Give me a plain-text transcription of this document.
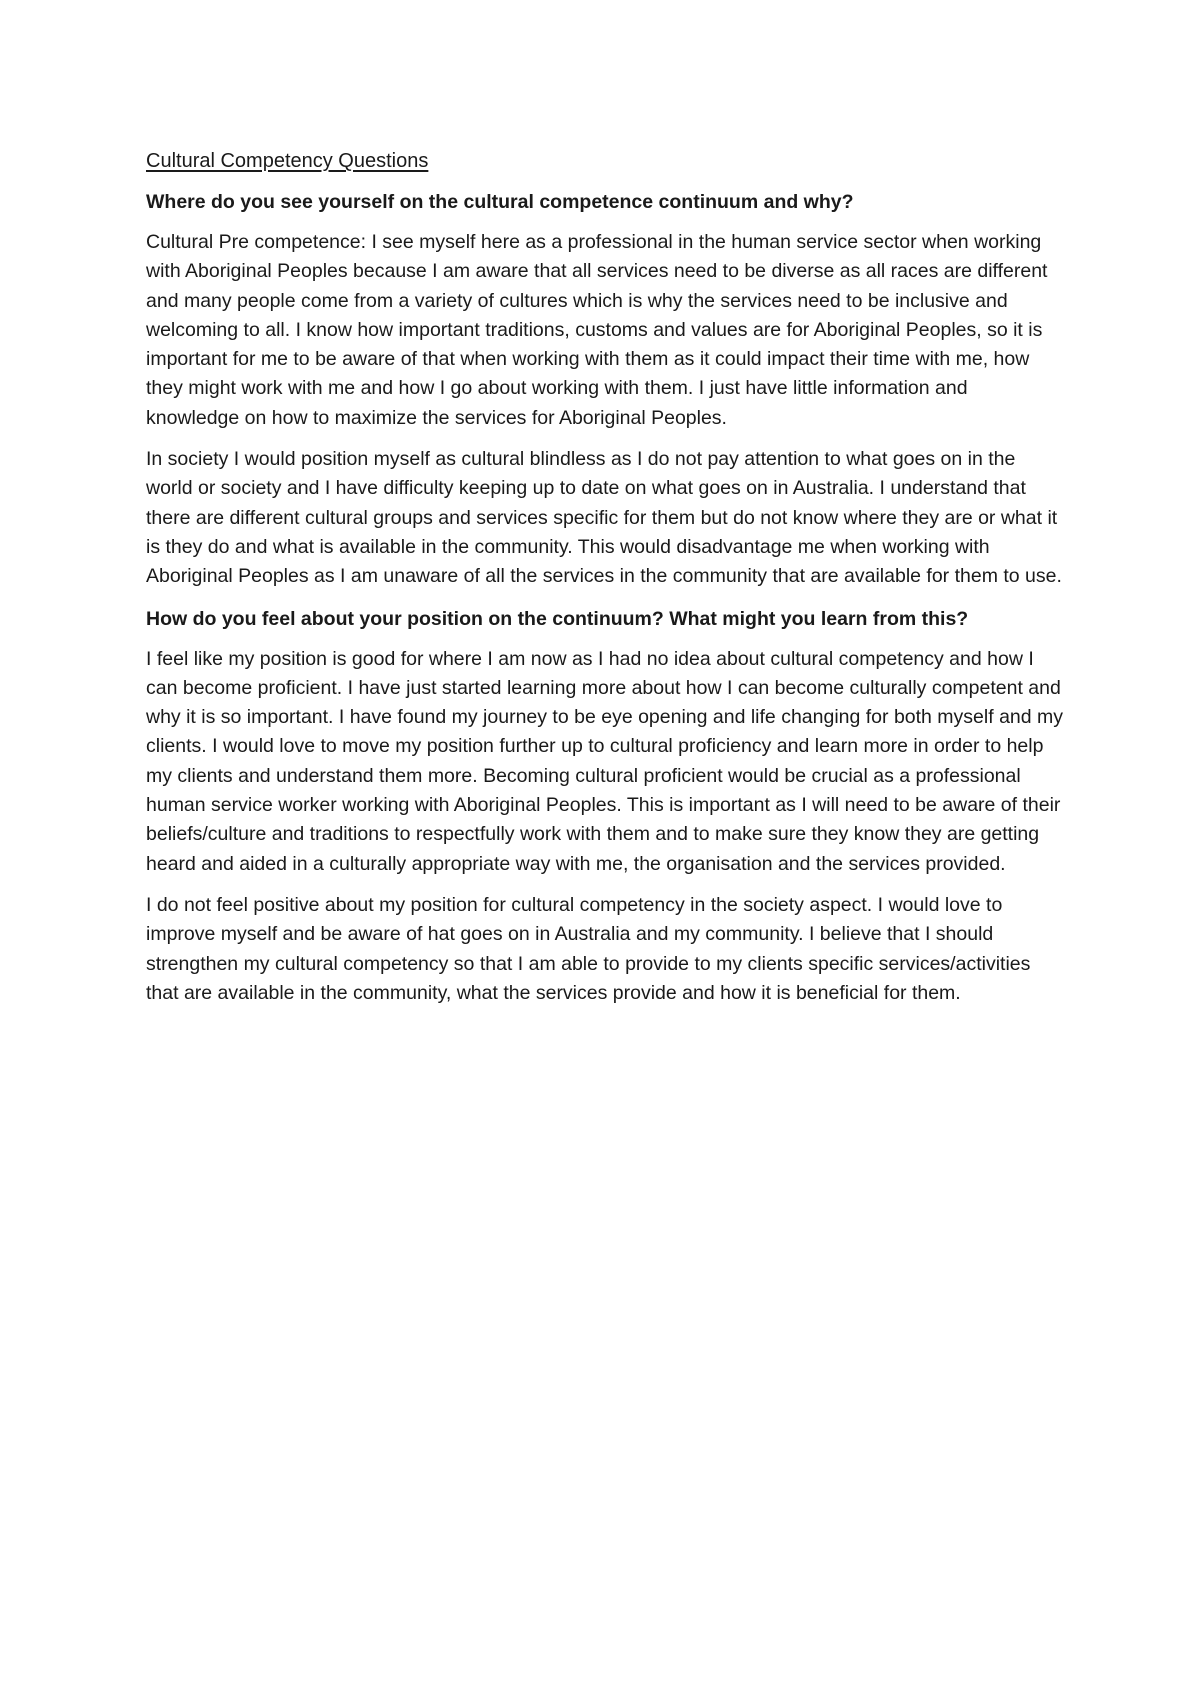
Cultural Competency Questions
Where do you see yourself on the cultural competence continuum and why?

Cultural Pre competence: I see myself here as a professional in the human service sector when working with Aboriginal Peoples because I am aware that all services need to be diverse as all races are different and many people come from a variety of cultures which is why the services need to be inclusive and welcoming to all. I know how important traditions, customs and values are for Aboriginal Peoples, so it is important for me to be aware of that when working with them as it could impact their time with me, how they might work with me and how I go about working with them. I just have little information and knowledge on how to maximize the services for Aboriginal Peoples.

In society I would position myself as cultural blindless as I do not pay attention to what goes on in the world or society and I have difficulty keeping up to date on what goes on in Australia. I understand that there are different cultural groups and services specific for them but do not know where they are or what it is they do and what is available in the community. This would disadvantage me when working with Aboriginal Peoples as I am unaware of all the services in the community that are available for them to use.

How do you feel about your position on the continuum? What might you learn from this?

I feel like my position is good for where I am now as I had no idea about cultural competency and how I can become proficient. I have just started learning more about how I can become culturally competent and why it is so important. I have found my journey to be eye opening and life changing for both myself and my clients. I would love to move my position further up to cultural proficiency and learn more in order to help my clients and understand them more. Becoming cultural proficient would be crucial as a professional human service worker working with Aboriginal Peoples. This is important as I will need to be aware of their beliefs/culture and traditions to respectfully work with them and to make sure they know they are getting heard and aided in a culturally appropriate way with me, the organisation and the services provided.

I do not feel positive about my position for cultural competency in the society aspect. I would love to improve myself and be aware of hat goes on in Australia and my community. I believe that I should strengthen my cultural competency so that I am able to provide to my clients specific services/activities that are available in the community, what the services provide and how it is beneficial for them.
